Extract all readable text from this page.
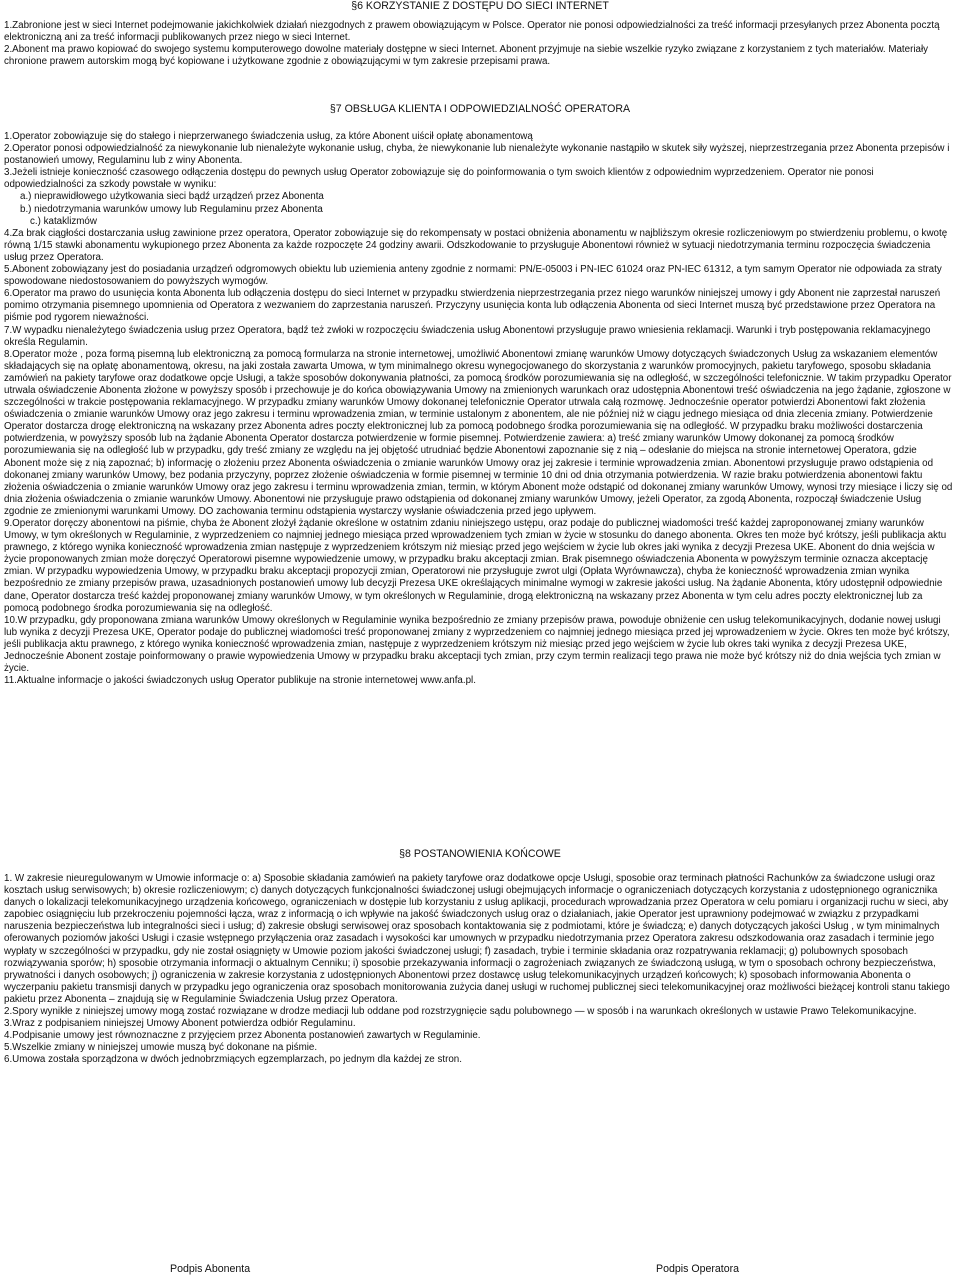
§6 KORZYSTANIE Z DOSTĘPU DO SIECI INTERNET

1.Zabronione jest w sieci Internet podejmowanie jakichkolwiek działań niezgodnych z prawem obowiązującym w Polsce. Operator nie ponosi odpowiedzialności za treść informacji przesyłanych przez Abonenta pocztą elektroniczną ani za treść informacji publikowanych przez niego w sieci Internet.

2.Abonent ma prawo kopiować do swojego systemu komputerowego dowolne materiały dostępne w sieci Internet. Abonent przyjmuje na siebie wszelkie ryzyko związane z korzystaniem z tych materiałów. Materiały chronione prawem autorskim mogą być kopiowane i użytkowane zgodnie z obowiązującymi w tym zakresie przepisami prawa.

§7 OBSŁUGA KLIENTA I ODPOWIEDZIALNOŚĆ OPERATORA

1.Operator zobowiązuje się do stałego i nieprzerwanego świadczenia usług, za które Abonent uiścił opłatę abonamentową

2.Operator ponosi odpowiedzialność za niewykonanie lub nienależyte wykonanie usług, chyba, że niewykonanie lub nienależyte wykonanie nastąpiło w skutek siły wyższej, nieprzestrzegania przez Abonenta przepisów i postanowień umowy, Regulaminu lub z winy Abonenta.

3.Jeżeli istnieje konieczność czasowego odłączenia dostępu do pewnych usług Operator zobowiązuje się do poinformowania o tym swoich klientów z odpowiednim wyprzedzeniem. Operator nie ponosi odpowiedzialności za szkody powstałe w wyniku:

a.) nieprawidłowego użytkowania sieci bądź urządzeń przez Abonenta

b.) niedotrzymania warunków umowy lub Regulaminu przez Abonenta

c.) kataklizmów

4.Za brak ciągłości dostarczania usług zawinione przez operatora, Operator zobowiązuje się do rekompensaty w postaci obniżenia abonamentu w najbliższym okresie rozliczeniowym po stwierdzeniu problemu, o kwotę równą 1/15 stawki abonamentu wykupionego przez Abonenta za każde rozpoczęte 24 godziny awarii. Odszkodowanie to przysługuje Abonentowi również w sytuacji niedotrzymania terminu rozpoczęcia świadczenia usług przez Operatora.

5.Abonent zobowiązany jest do posiadania urządzeń odgromowych obiektu lub uziemienia anteny zgodnie z normami: PN/E-05003 i PN-IEC 61024 oraz PN-IEC 61312, a tym samym Operator nie odpowiada za straty spowodowane niedostosowaniem do powyższych wymogów.

6.Operator ma prawo do usunięcia konta Abonenta lub odłączenia dostępu do sieci Internet w przypadku stwierdzenia nieprzestrzegania przez niego warunków niniejszej umowy i gdy Abonent nie zaprzestał naruszeń pomimo otrzymania pisemnego upomnienia od Operatora z wezwaniem do zaprzestania naruszeń. Przyczyny usunięcia konta lub odłączenia Abonenta od sieci Internet muszą być przedstawione przez Operatora na piśmie pod rygorem nieważności.

7.W wypadku nienależytego świadczenia usług przez Operatora, bądź też zwłoki w rozpoczęciu świadczenia usług Abonentowi przysługuje prawo wniesienia reklamacji. Warunki i tryb postępowania reklamacyjnego określa Regulamin.

8.Operator może , poza formą pisemną lub elektroniczną za pomocą formularza na stronie internetowej, umożliwić Abonentowi zmianę warunków Umowy dotyczących świadczonych Usług za wskazaniem elementów składających się na opłatę abonamentową, okresu, na jaki została zawarta Umowa, w tym minimalnego okresu wynegocjowanego do skorzystania z warunków promocyjnych, pakietu taryfowego, sposobu składania zamówień na pakiety taryfowe oraz dodatkowe opcje Usługi, a także sposobów dokonywania płatności, za pomocą środków porozumiewania się na odległość, w szczególności telefonicznie. W takim przypadku Operator utrwala oświadczenie Abonenta złożone w powyższy sposób i przechowuje je do końca obowiązywania Umowy na zmienionych warunkach oraz udostępnia Abonentowi treść oświadczenia na jego żądanie, zgłoszone w szczególności w trakcie postępowania reklamacyjnego. W przypadku zmiany warunków Umowy dokonanej telefonicznie Operator utrwala całą rozmowę. Jednocześnie operator potwierdzi Abonentowi fakt złożenia oświadczenia o zmianie warunków Umowy oraz jego zakresu i terminu wprowadzenia zmian, w terminie ustalonym z abonentem, ale nie później niż w ciągu jednego miesiąca od dnia zlecenia zmiany. Potwierdzenie Operator dostarcza drogę elektroniczną na wskazany przez Abonenta adres poczty elektronicznej lub za pomocą podobnego środka porozumiewania się na odległość. W przypadku braku możliwości dostarczenia potwierdzenia, w powyższy sposób lub na żądanie Abonenta Operator dostarcza potwierdzenie w formie pisemnej. Potwierdzenie zawiera: a) treść zmiany warunków Umowy dokonanej za pomocą środków porozumiewania się na odległość lub w przypadku, gdy treść zmiany ze względu na jej objętość utrudniać będzie Abonentowi zapoznanie się z nią – odesłanie do miejsca na stronie internetowej Operatora, gdzie Abonent może się z nią zapoznać; b) informację o złożeniu przez Abonenta oświadczenia o zmianie warunków Umowy oraz jej zakresie i terminie wprowadzenia zmian. Abonentowi przysługuje prawo odstąpienia od dokonanej zmiany warunków Umowy, bez podania przyczyny, poprzez złożenie oświadczenia w formie pisemnej w terminie 10 dni od dnia otrzymania potwierdzenia. W razie braku potwierdzenia abonentowi faktu złożenia oświadczenia o zmianie warunków Umowy oraz jego zakresu i terminu wprowadzenia zmian, termin, w którym Abonent może odstąpić od dokonanej zmiany warunków Umowy, wynosi trzy miesiące i liczy się od dnia złożenia oświadczenia o zmianie warunków Umowy. Abonentowi nie przysługuje prawo odstąpienia od dokonanej zmiany warunków Umowy, jeżeli Operator, za zgodą Abonenta, rozpoczął świadczenie Usług zgodnie ze zmienionymi warunkami Umowy. DO zachowania terminu odstąpienia wystarczy wysłanie oświadczenia przed jego upływem.

9.Operator doręczy abonentowi na piśmie, chyba że Abonent złożył żądanie określone w ostatnim zdaniu niniejszego ustępu, oraz podaje do publicznej wiadomości treść każdej zaproponowanej zmiany warunków Umowy, w tym określonych w Regulaminie, z wyprzedzeniem co najmniej jednego miesiąca przed wprowadzeniem tych zmian w życie w stosunku do danego abonenta. Okres ten może być krótszy, jeśli publikacja aktu prawnego, z którego wynika konieczność wprowadzenia zmian następuje z wyprzedzeniem krótszym niż miesiąc przed jego wejściem w życie lub okres jaki wynika z decyzji Prezesa UKE. Abonent do dnia wejścia w życie proponowanych zmian może doręczyć Operatorowi pisemne wypowiedzenie umowy, w przypadku braku akceptacji zmian. Brak pisemnego oświadczenia Abonenta w powyższym terminie oznacza akceptację zmian. W przypadku wypowiedzenia Umowy, w przypadku braku akceptacji propozycji zmian, Operatorowi nie przysługuje zwrot ulgi (Opłata Wyrównawcza), chyba że konieczność wprowadzenia zmian wynika bezpośrednio ze zmiany przepisów prawa, uzasadnionych postanowień umowy lub decyzji Prezesa UKE określających minimalne wymogi w zakresie jakości usług. Na żądanie Abonenta, który udostępnił odpowiednie dane, Operator dostarcza treść każdej proponowanej zmiany warunków Umowy, w tym określonych w Regulaminie, drogą elektroniczną na wskazany przez Abonenta w tym celu adres poczty elektronicznej lub za pomocą podobnego środka porozumiewania się na odległość.

10.W przypadku, gdy proponowana zmiana warunków Umowy określonych w Regulaminie wynika bezpośrednio ze zmiany przepisów prawa, powoduje obniżenie cen usług telekomunikacyjnych, dodanie nowej usługi lub wynika z decyzji Prezesa UKE, Operator podaje do publicznej wiadomości treść proponowanej zmiany z wyprzedzeniem co najmniej jednego miesiąca przed jej wprowadzeniem w życie. Okres ten może być krótszy, jeśli publikacja aktu prawnego, z którego wynika konieczność wprowadzenia zmian, następuje z wyprzedzeniem krótszym niż miesiąc przed jego wejściem w życie lub okres taki wynika z decyzji Prezesa UKE, Jednocześnie Abonent zostaje poinformowany o prawie wypowiedzenia Umowy w przypadku braku akceptacji tych zmian, przy czym termin realizacji tego prawa nie może być krótszy niż do dnia wejścia tych zmian w życie.

11.Aktualne informacje o jakości świadczonych usług Operator publikuje na stronie internetowej www.anfa.pl.

§8 POSTANOWIENIA KOŃCOWE

1. W zakresie nieuregulowanym w Umowie informacje o: a) Sposobie składania zamówień na pakiety taryfowe oraz dodatkowe opcje Usługi, sposobie oraz terminach płatności Rachunków za świadczone usługi oraz kosztach usług serwisowych; b) okresie rozliczeniowym; c) danych dotyczących funkcjonalności świadczonej usługi obejmujących informacje o ograniczeniach dotyczących korzystania z udostępnionego ogranicznika danych o lokalizacji telekomunikacyjnego urządzenia końcowego, ograniczeniach w dostępie lub korzystaniu z usług aplikacji, procedurach wprowadzania przez Operatora w celu pomiaru i organizacji ruchu w sieci, aby zapobiec osiągnięciu lub przekroczeniu pojemności łącza, wraz z informacją o ich wpływie na jakość świadczonych usług oraz o działaniach, jakie Operator jest uprawniony podejmować w związku z przypadkami naruszenia bezpieczeństwa lub integralności sieci i usług; d) zakresie obsługi serwisowej oraz sposobach kontaktowania się z podmiotami, które je świadczą; e) danych dotyczących jakości Usług , w tym minimalnych oferowanych poziomów jakości Usługi i czasie wstępnego przyłączenia oraz zasadach i wysokości kar umownych w przypadku niedotrzymania przez Operatora zakresu odszkodowania oraz zasadach i terminie jego wypłaty w szczególności w przypadku, gdy nie został osiągnięty w Umowie poziom jakości świadczonej usługi; f) zasadach, trybie i terminie składania oraz rozpatrywania reklamacji; g) polubownych sposobach rozwiązywania sporów; h) sposobie otrzymania informacji o aktualnym Cenniku; i) sposobie przekazywania informacji o zagrożeniach związanych ze świadczoną usługą, w tym o sposobach ochrony bezpieczeństwa, prywatności i danych osobowych; j) ograniczenia w zakresie korzystania z udostępnionych Abonentowi przez dostawcę usług telekomunikacyjnych urządzeń końcowych; k) sposobach informowania Abonenta o wyczerpaniu pakietu transmisji danych w przypadku jego ograniczenia oraz sposobach monitorowania zużycia danej usługi w ruchomej publicznej sieci telekomunikacyjnej oraz możliwości bieżącej kontroli stanu takiego pakietu przez Abonenta – znajdują się w Regulaminie Świadczenia Usług przez Operatora.

2.Spory wynikłe z niniejszej umowy mogą zostać rozwiązane w drodze mediacji lub oddane pod rozstrzygnięcie sądu polubownego — w sposób i na warunkach określonych w ustawie Prawo Telekomunikacyjne.

3.Wraz z podpisaniem niniejszej Umowy Abonent potwierdza odbiór Regulaminu.

4.Podpisanie umowy jest równoznaczne z przyjęciem przez Abonenta postanowień zawartych w Regulaminie.

5.Wszelkie zmiany w niniejszej umowie muszą być dokonane na piśmie.

6.Umowa została sporządzona w dwóch jednobrzmiących egzemplarzach, po jednym dla każdej ze stron.

Podpis Abonenta	Podpis Operatora
